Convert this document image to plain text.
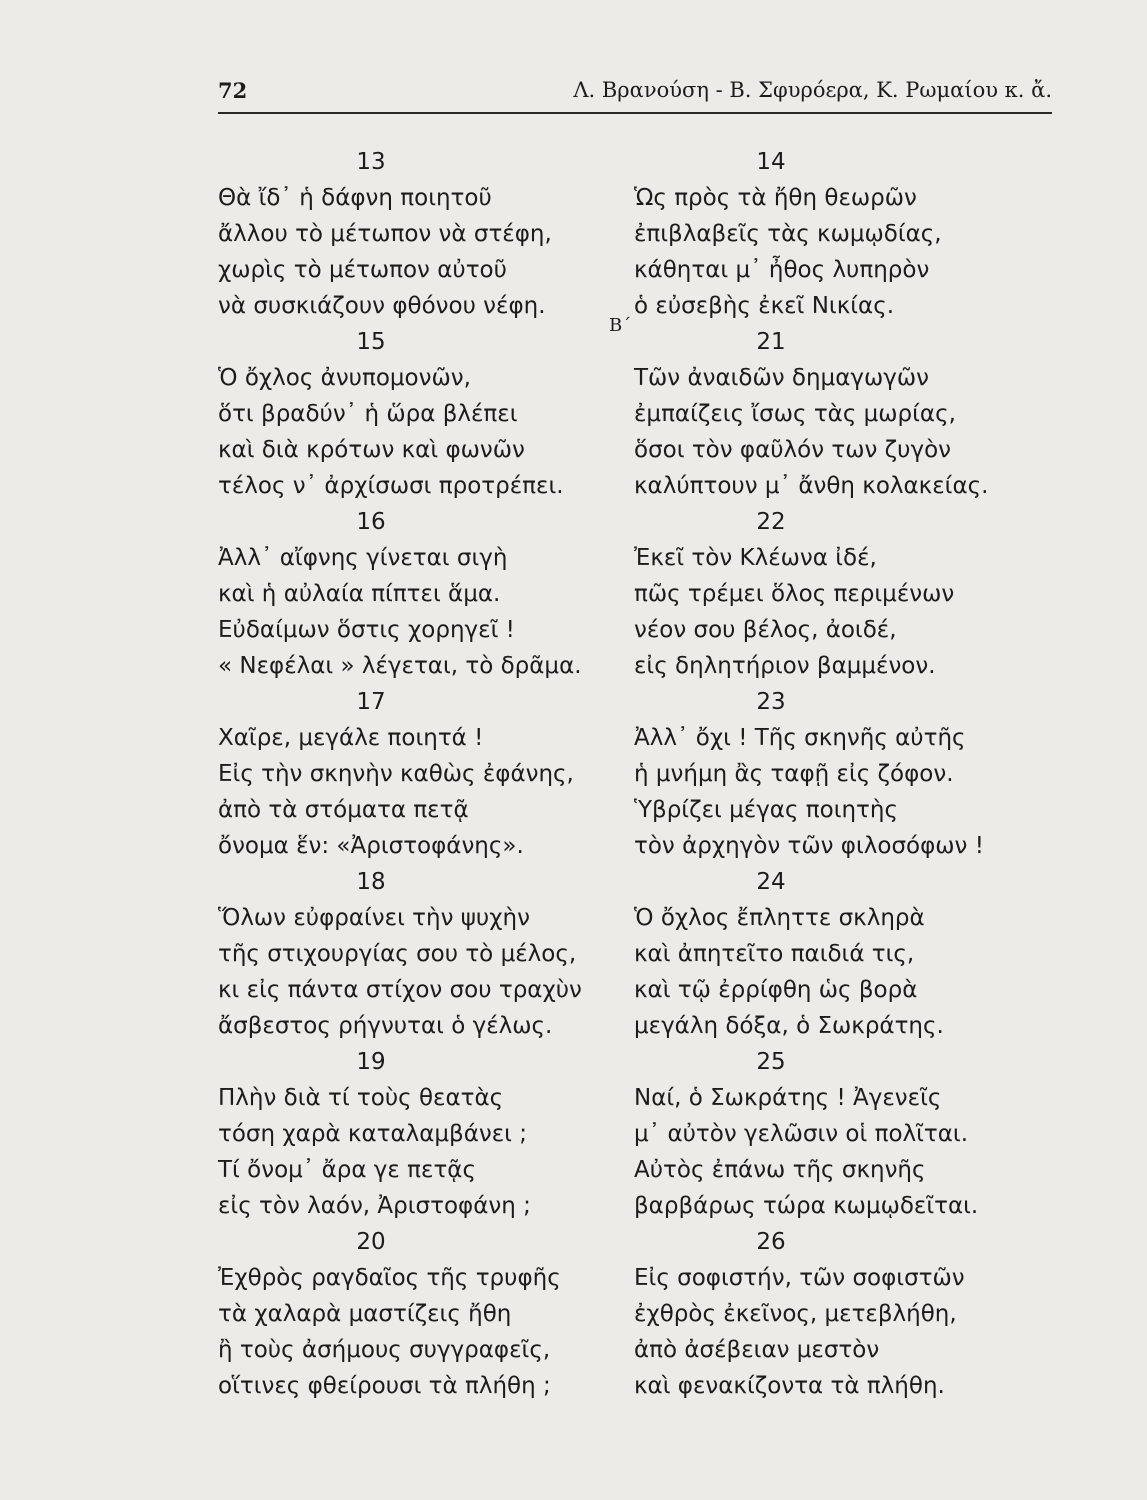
72	Λ. Βρανούση - Β. Σφυρόερα, Κ. Ρωμαίου κ. ἄ.
Β΄
13
Θὰ ἴδ᾽ ἡ δάφνη ποιητοῦ
ἄλλου τὸ μέτωπον νὰ στέφη,
χωρὶς τὸ μέτωπον αὐτοῦ
νὰ συσκιάζουν φθόνου νέφη.
15
Ὁ ὄχλος ἀνυπομονῶν,
ὅτι βραδύν᾽ ἡ ὥρα βλέπει
καὶ διὰ κρότων καὶ φωνῶν
τέλος ν᾽ ἀρχίσωσι προτρέπει.
16
Ἀλλ᾽ αἴφνης γίνεται σιγὴ
καὶ ἡ αὐλαία πίπτει ἅμα.
Εὐδαίμων ὅστις χορηγεῖ !
« Νεφέλαι » λέγεται, τὸ δρᾶμα.
17
Χαῖρε, μεγάλε ποιητά !
Εἰς τὴν σκηνὴν καθὼς ἐφάνης,
ἀπὸ τὰ στόματα πετᾷ
ὄνομα ἕν: «Ἀριστοφάνης».
18
Ὅλων εὐφραίνει τὴν ψυχὴν
τῆς στιχουργίας σου τὸ μέλος,
κι εἰς πάντα στίχον σου τραχὺν
ἄσβεστος ρήγνυται ὁ γέλως.
19
Πλὴν διὰ τί τοὺς θεατὰς
τόση χαρὰ καταλαμβάνει ;
Τί ὄνομ᾽ ἄρα γε πετᾷς
εἰς τὸν λαόν, Ἀριστοφάνη ;
20
Ἐχθρὸς ραγδαῖος τῆς τρυφῆς
τὰ χαλαρὰ μαστίζεις ἤθη
ἢ τοὺς ἀσήμους συγγραφεῖς,
οἵτινες φθείρουσι τὰ πλήθη ;
14
Ὡς πρὸς τὰ ἤθη θεωρῶν
ἐπιβλαβεῖς τὰς κωμῳδίας,
κάθηται μ᾽ ἦθος λυπηρὸν
ὁ εὐσεβὴς ἐκεῖ Νικίας.
21
Τῶν ἀναιδῶν δημαγωγῶν
ἐμπαίζεις ἴσως τὰς μωρίας,
ὅσοι τὸν φαῦλόν των ζυγὸν
καλύπτουν μ᾽ ἄνθη κολακείας.
22
Ἐκεῖ τὸν Κλέωνα ἰδέ,
πῶς τρέμει ὅλος περιμένων
νέον σου βέλος, ἀοιδέ,
εἰς δηλητήριον βαμμένον.
23
Ἀλλ᾽ ὄχι ! Τῆς σκηνῆς αὐτῆς
ἡ μνήμη ἂς ταφῇ εἰς ζόφον.
Ὑβρίζει μέγας ποιητὴς
τὸν ἀρχηγὸν τῶν φιλοσόφων !
24
Ὁ ὄχλος ἔπληττε σκληρὰ
καὶ ἀπητεῖτο παιδιά τις,
καὶ τῷ ἐρρίφθη ὡς βορὰ
μεγάλη δόξα, ὁ Σωκράτης.
25
Ναί, ὁ Σωκράτης ! Ἀγενεῖς
μ᾽ αὐτὸν γελῶσιν οἱ πολῖται.
Αὐτὸς ἐπάνω τῆς σκηνῆς
βαρβάρως τώρα κωμῳδεῖται.
26
Εἰς σοφιστήν, τῶν σοφιστῶν
ἐχθρὸς ἐκεῖνος, μετεβλήθη,
ἀπὸ ἀσέβειαν μεστὸν
καὶ φενακίζοντα τὰ πλήθη.
